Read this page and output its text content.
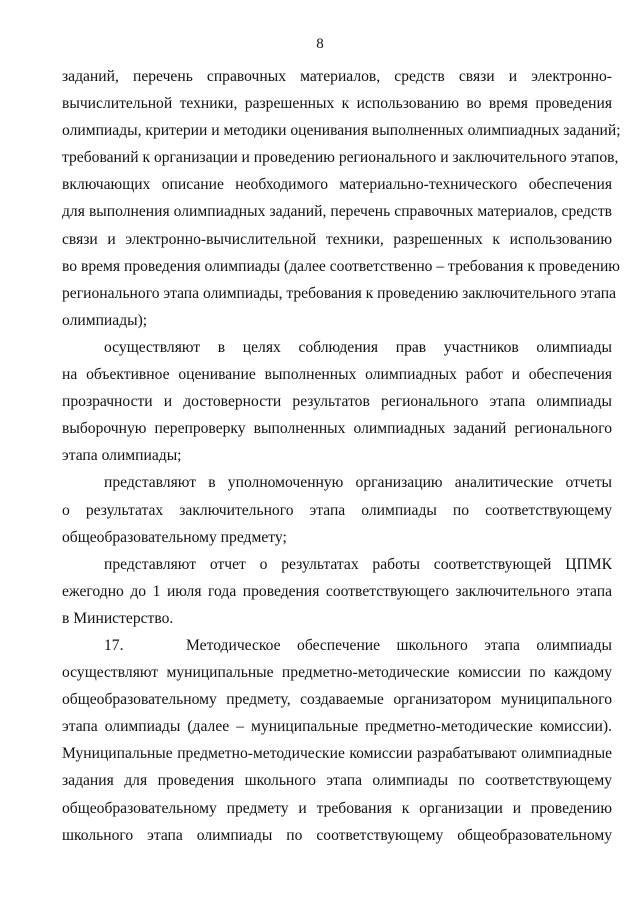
8
заданий, перечень справочных материалов, средств связи и электронно-
вычислительной техники, разрешенных к использованию во время проведения
олимпиады, критерии и методики оценивания выполненных олимпиадных заданий;
требований к организации и проведению регионального и заключительного этапов,
включающих описание необходимого материально-технического обеспечения
для выполнения олимпиадных заданий, перечень справочных материалов, средств
связи и электронно-вычислительной техники, разрешенных к использованию
во время проведения олимпиады (далее соответственно – требования к проведению
регионального этапа олимпиады, требования к проведению заключительного этапа
олимпиады);
осуществляют в целях соблюдения прав участников олимпиады
на объективное оценивание выполненных олимпиадных работ и обеспечения
прозрачности и достоверности результатов регионального этапа олимпиады
выборочную перепроверку выполненных олимпиадных заданий регионального
этапа олимпиады;
представляют в уполномоченную организацию аналитические отчеты
о результатах заключительного этапа олимпиады по соответствующему
общеобразовательному предмету;
представляют отчет о результатах работы соответствующей ЦПМК
ежегодно до 1 июля года проведения соответствующего заключительного этапа
в Министерство.
17.	Методическое обеспечение школьного этапа олимпиады
осуществляют муниципальные предметно-методические комиссии по каждому
общеобразовательному предмету, создаваемые организатором муниципального
этапа олимпиады (далее – муниципальные предметно-методические комиссии).
Муниципальные предметно-методические комиссии разрабатывают олимпиадные
задания для проведения школьного этапа олимпиады по соответствующему
общеобразовательному предмету и требования к организации и проведению
школьного этапа олимпиады по соответствующему общеобразовательному
